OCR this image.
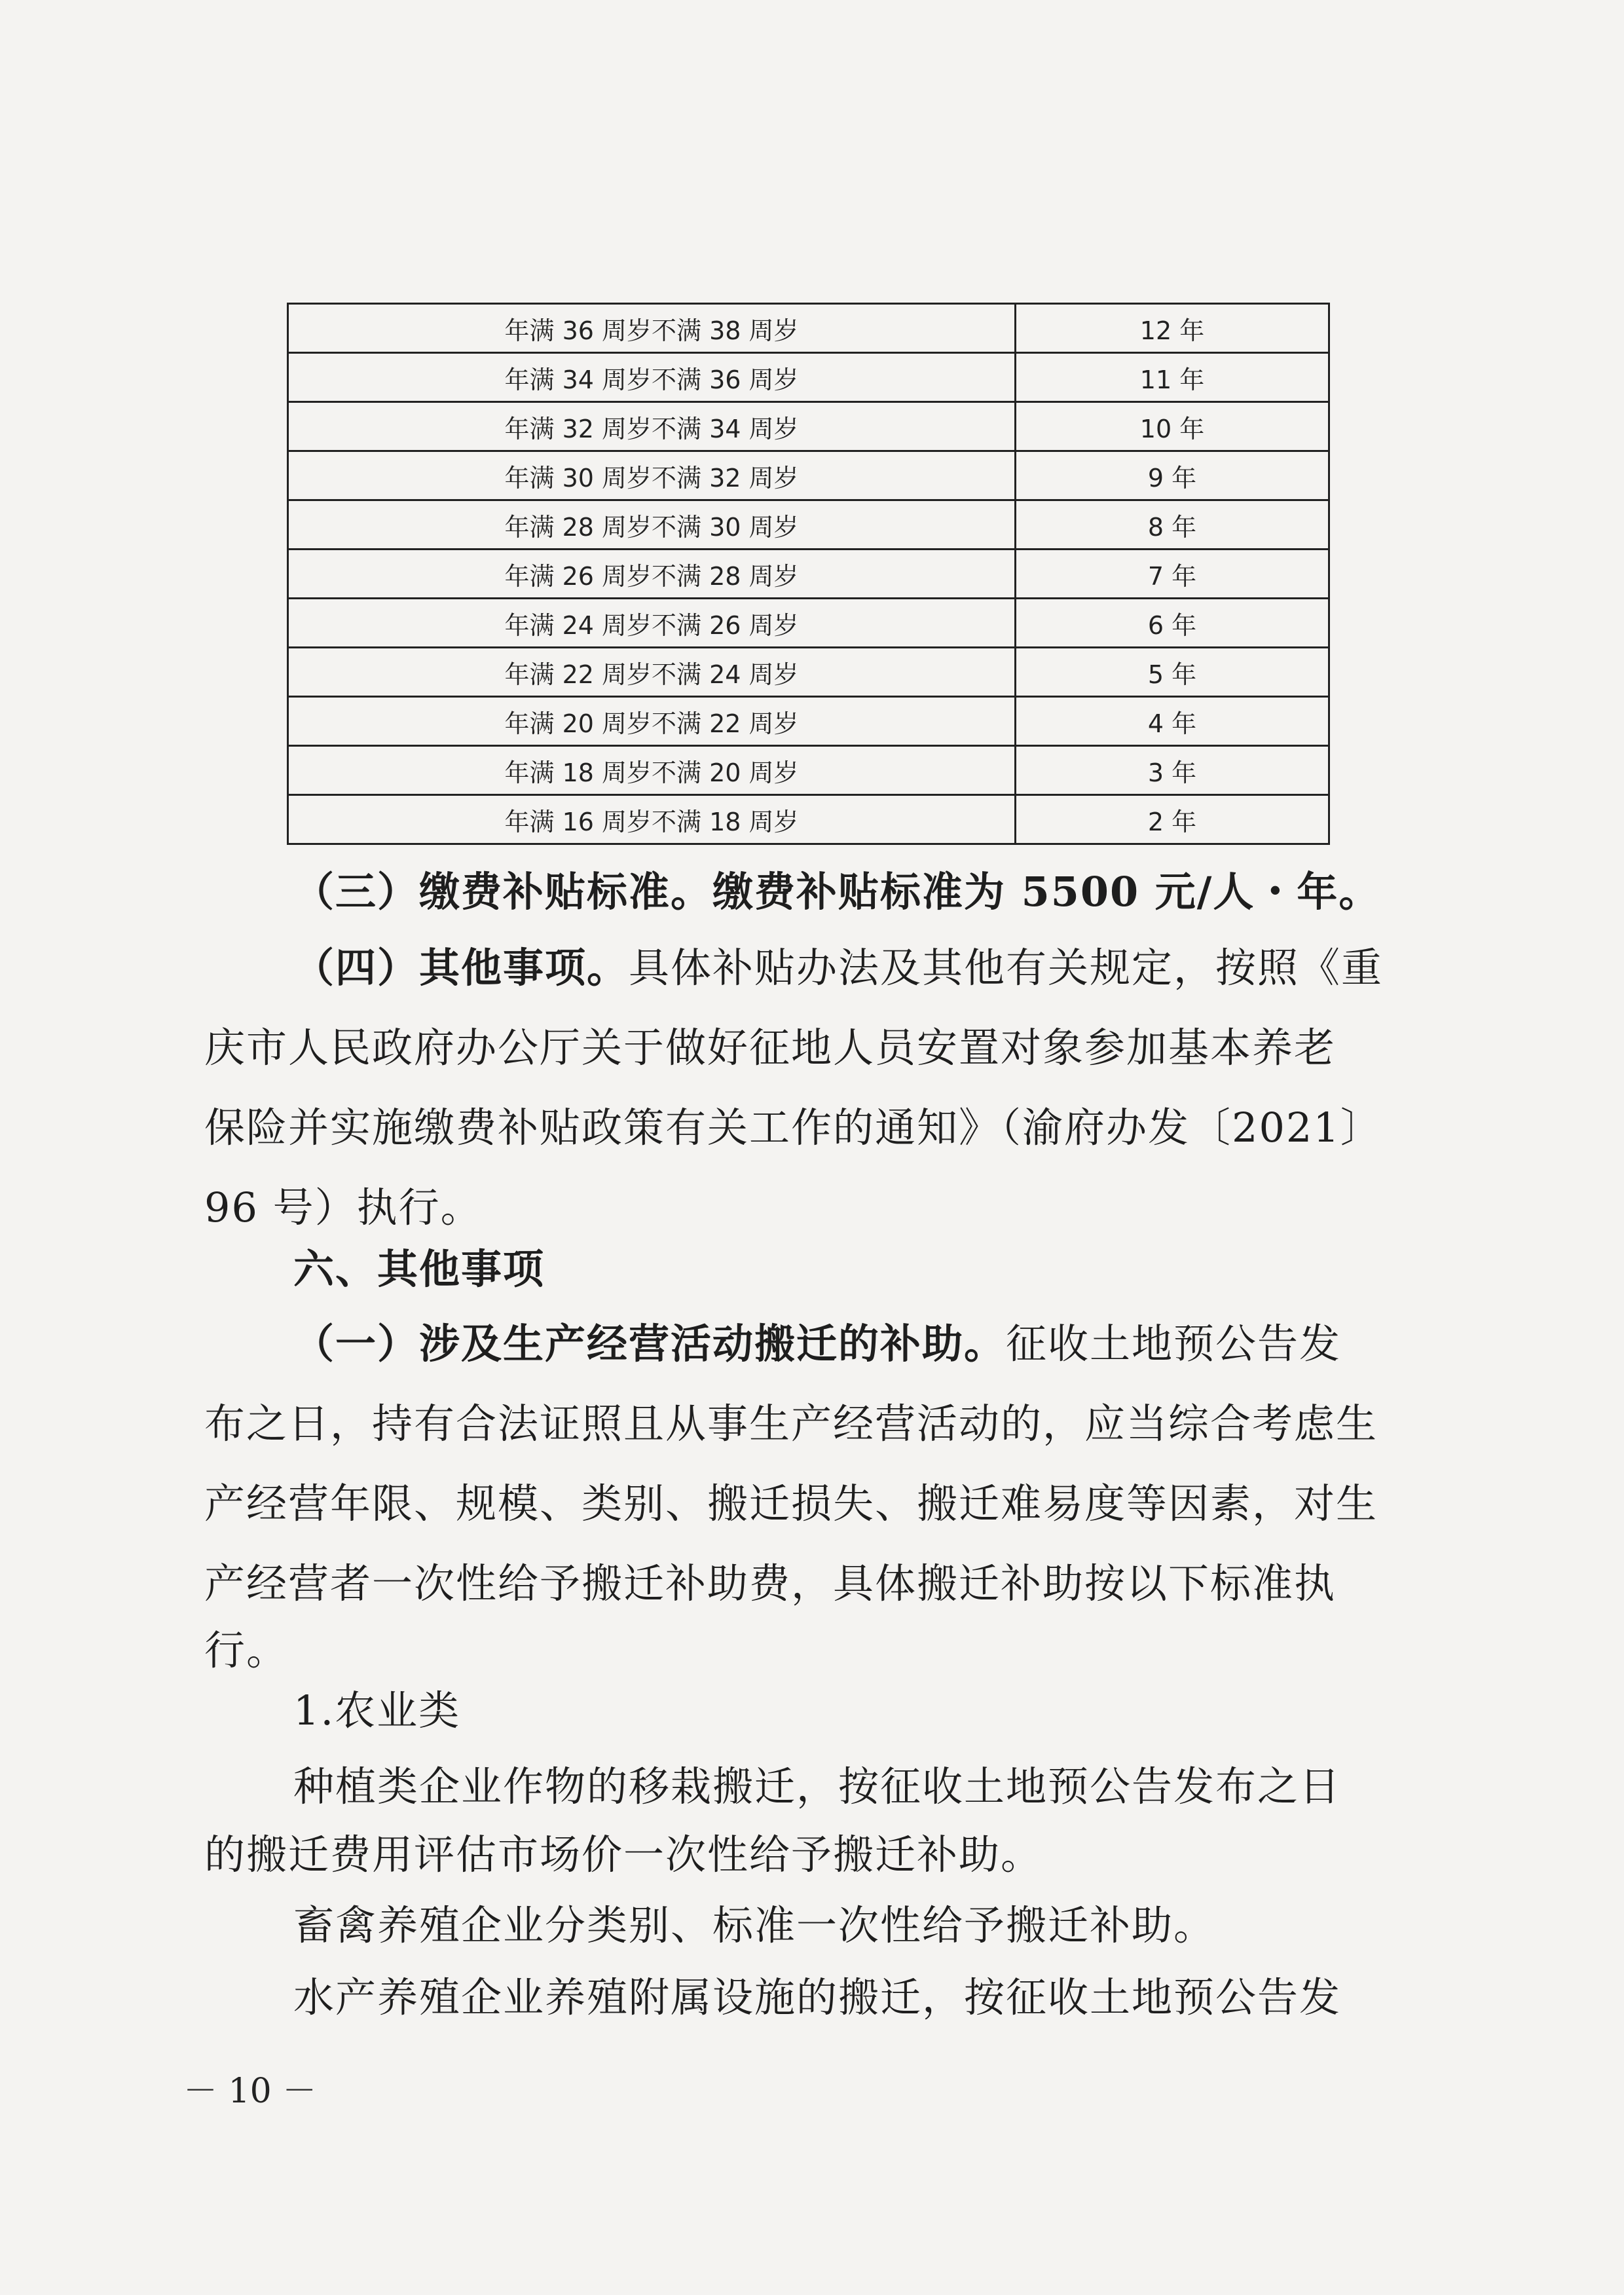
年满 36 周岁不满 38 周岁	12 年
年满 34 周岁不满 36 周岁	11 年
年满 32 周岁不满 34 周岁	10 年
年满 30 周岁不满 32 周岁	9 年
年满 28 周岁不满 30 周岁	8 年
年满 26 周岁不满 28 周岁	7 年
年满 24 周岁不满 26 周岁	6 年
年满 22 周岁不满 24 周岁	5 年
年满 20 周岁不满 22 周岁	4 年
年满 18 周岁不满 20 周岁	3 年
年满 16 周岁不满 18 周岁	2 年
（三）缴费补贴标准。缴费补贴标准为 5500 元/人・年。
（四）其他事项。具体补贴办法及其他有关规定，按照《重
庆市人民政府办公厅关于做好征地人员安置对象参加基本养老
保险并实施缴费补贴政策有关工作的通知》（渝府办发〔2021〕
96 号）执行。
六、其他事项
（一）涉及生产经营活动搬迁的补助。征收土地预公告发
布之日，持有合法证照且从事生产经营活动的，应当综合考虑生
产经营年限、规模、类别、搬迁损失、搬迁难易度等因素，对生
产经营者一次性给予搬迁补助费，具体搬迁补助按以下标准执
行。
1.农业类
种植类企业作物的移栽搬迁，按征收土地预公告发布之日
的搬迁费用评估市场价一次性给予搬迁补助。
畜禽养殖企业分类别、标准一次性给予搬迁补助。
水产养殖企业养殖附属设施的搬迁，按征收土地预公告发
－ 10 －
